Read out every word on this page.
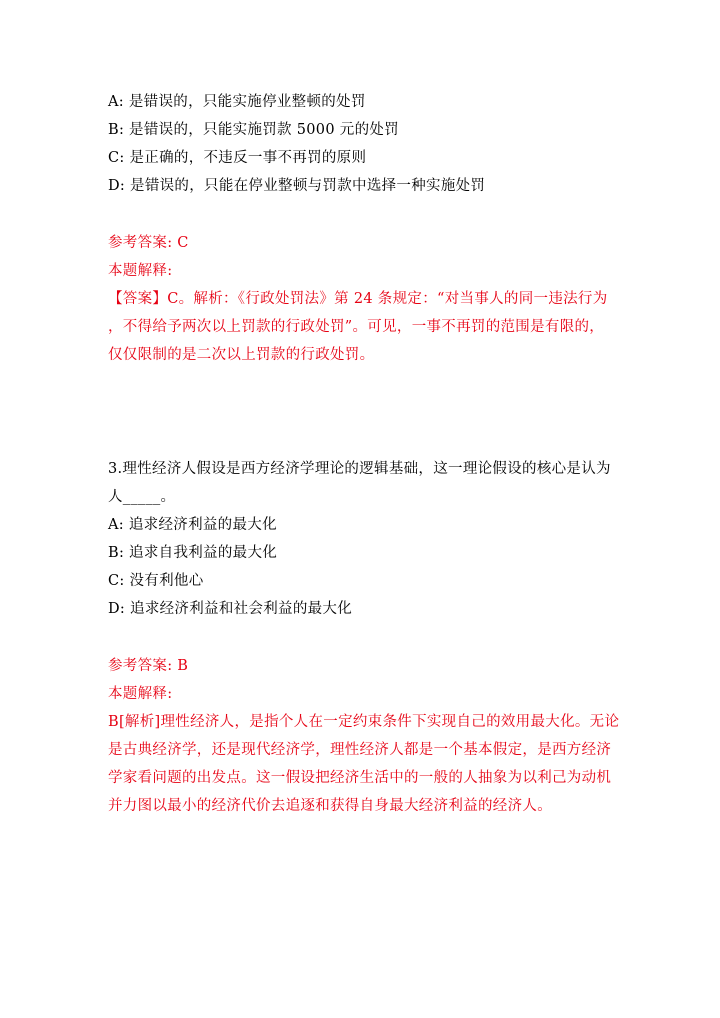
A: 是错误的，只能实施停业整顿的处罚
B: 是错误的，只能实施罚款 5000 元的处罚
C: 是正确的，不违反一事不再罚的原则
D: 是错误的，只能在停业整顿与罚款中选择一种实施处罚
参考答案: C
本题解释:
【答案】C。解析：《行政处罚法》第 24 条规定：“对当事人的同一违法行为
，不得给予两次以上罚款的行政处罚”。可见，一事不再罚的范围是有限的，
仅仅限制的是二次以上罚款的行政处罚。
3.理性经济人假设是西方经济学理论的逻辑基础，这一理论假设的核心是认为
人_____。
A: 追求经济利益的最大化
B: 追求自我利益的最大化
C: 没有利他心
D: 追求经济利益和社会利益的最大化
参考答案: B
本题解释:
B[解析]理性经济人，是指个人在一定约束条件下实现自己的效用最大化。无论
是古典经济学，还是现代经济学，理性经济人都是一个基本假定，是西方经济
学家看问题的出发点。这一假设把经济生活中的一般的人抽象为以利己为动机
并力图以最小的经济代价去追逐和获得自身最大经济利益的经济人。
